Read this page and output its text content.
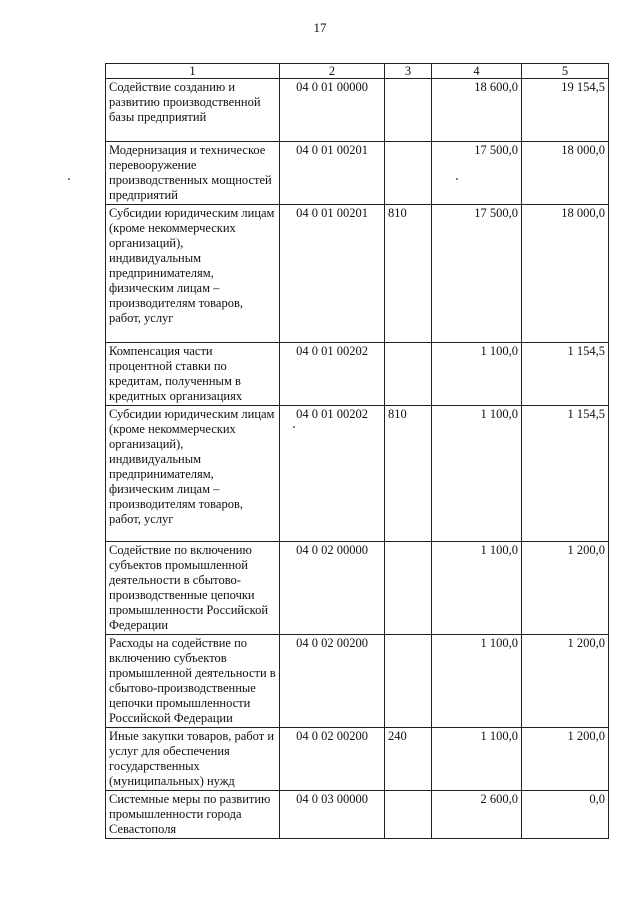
17
1	2	3	4	5
Содействие созданию и развитию производственной базы предприятий	04 0 01 00000		18 600,0	19 154,5
Модернизация и техническое перевооружение производственных мощностей предприятий	04 0 01 00201		17 500,0	18 000,0
Субсидии юридическим лицам (кроме некоммерческих организаций), индивидуальным предпринимателям, физическим лицам – производителям товаров, работ, услуг	04 0 01 00201	810	17 500,0	18 000,0
Компенсация части процентной ставки по кредитам, полученным в кредитных организациях	04 0 01 00202		1 100,0	1 154,5
Субсидии юридическим лицам (кроме некоммерческих организаций), индивидуальным предпринимателям, физическим лицам – производителям товаров, работ, услуг	04 0 01 00202	810	1 100,0	1 154,5
Содействие по включению субъектов промышленной деятельности в сбытово-производственные цепочки промышленности Российской Федерации	04 0 02 00000		1 100,0	1 200,0
Расходы на содействие по включению субъектов промышленной деятельности в сбытово-производственные цепочки промышленности Российской Федерации	04 0 02 00200		1 100,0	1 200,0
Иные закупки товаров, работ и услуг для обеспечения государственных (муниципальных) нужд	04 0 02 00200	240	1 100,0	1 200,0
Системные меры по развитию промышленности города Севастополя	04 0 03 00000		2 600,0	0,0
